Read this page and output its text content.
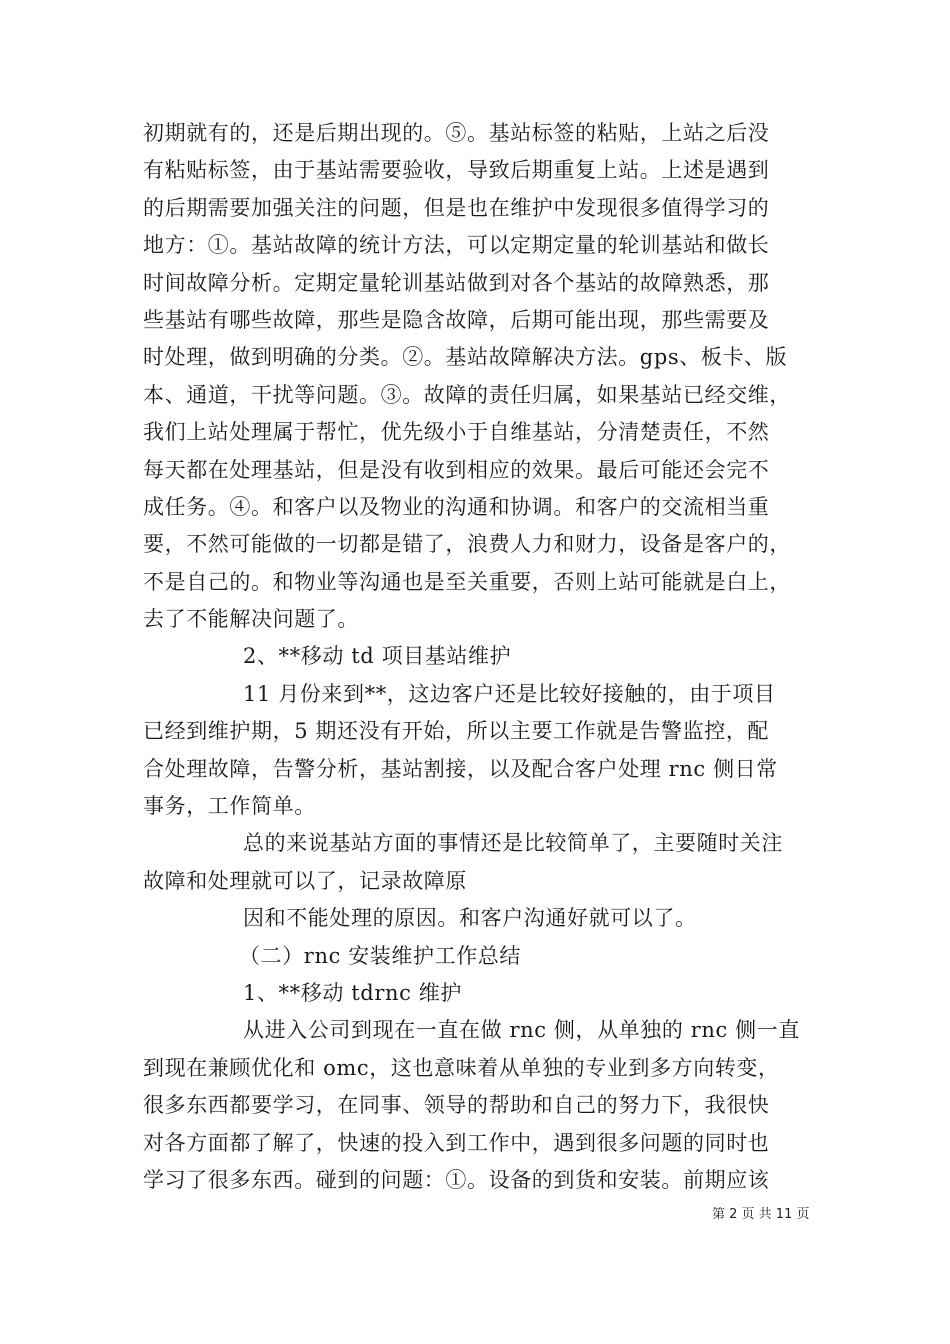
初期就有的，还是后期出现的。⑤。基站标签的粘贴，上站之后没
有粘贴标签，由于基站需要验收，导致后期重复上站。上述是遇到
的后期需要加强关注的问题，但是也在维护中发现很多值得学习的
地方：①。基站故障的统计方法，可以定期定量的轮训基站和做长
时间故障分析。定期定量轮训基站做到对各个基站的故障熟悉，那
些基站有哪些故障，那些是隐含故障，后期可能出现，那些需要及
时处理，做到明确的分类。②。基站故障解决方法。gps、板卡、版
本、通道，干扰等问题。③。故障的责任归属，如果基站已经交维，
我们上站处理属于帮忙，优先级小于自维基站，分清楚责任，不然
每天都在处理基站，但是没有收到相应的效果。最后可能还会完不
成任务。④。和客户以及物业的沟通和协调。和客户的交流相当重
要，不然可能做的一切都是错了，浪费人力和财力，设备是客户的，
不是自己的。和物业等沟通也是至关重要，否则上站可能就是白上，
去了不能解决问题了。
2、**移动 td 项目基站维护
11 月份来到**，这边客户还是比较好接触的，由于项目
已经到维护期，5 期还没有开始，所以主要工作就是告警监控，配
合处理故障，告警分析，基站割接，以及配合客户处理 rnc 侧日常
事务，工作简单。
总的来说基站方面的事情还是比较简单了，主要随时关注
故障和处理就可以了，记录故障原
因和不能处理的原因。和客户沟通好就可以了。
（二）rnc 安装维护工作总结
1、**移动 tdrnc 维护
从进入公司到现在一直在做 rnc 侧，从单独的 rnc 侧一直
到现在兼顾优化和 omc，这也意味着从单独的专业到多方向转变，
很多东西都要学习，在同事、领导的帮助和自己的努力下，我很快
对各方面都了解了，快速的投入到工作中，遇到很多问题的同时也
学习了很多东西。碰到的问题：①。设备的到货和安装。前期应该
第 2 页 共 11 页
